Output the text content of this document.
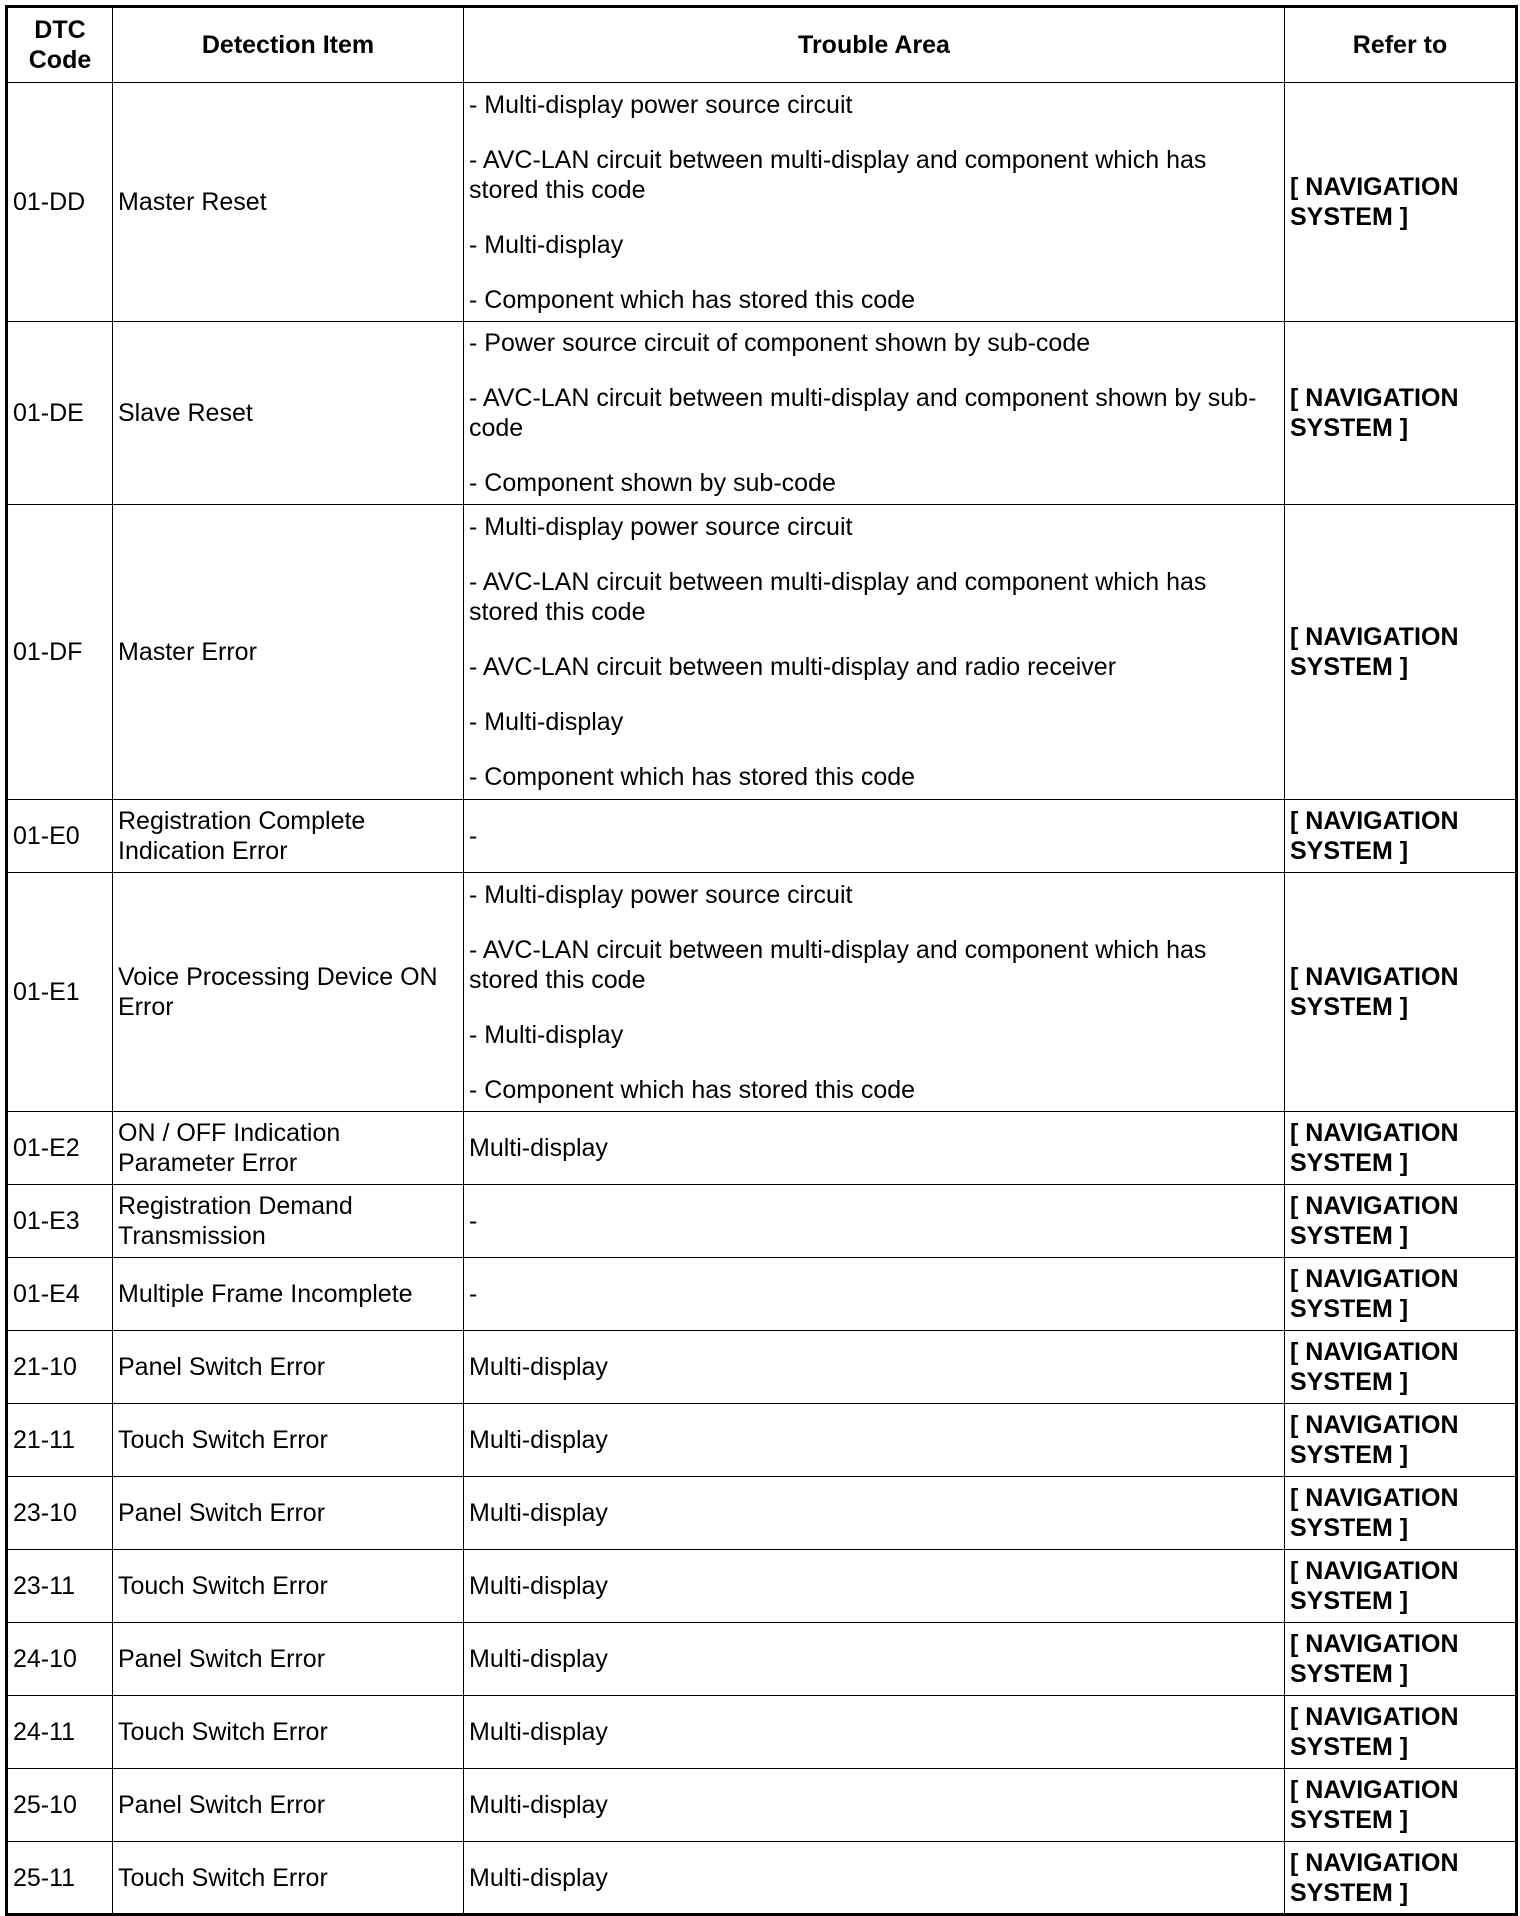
DTC Code	Detection Item	Trouble Area	Refer to
01-DD	Master Reset	- Multi-display power source circuit
- AVC-LAN circuit between multi-display and component which has stored this code
- Multi-display
- Component which has stored this code	[ NAVIGATION SYSTEM ]
01-DE	Slave Reset	- Power source circuit of component shown by sub-code
- AVC-LAN circuit between multi-display and component shown by sub-code
- Component shown by sub-code	[ NAVIGATION SYSTEM ]
01-DF	Master Error	- Multi-display power source circuit
- AVC-LAN circuit between multi-display and component which has stored this code
- AVC-LAN circuit between multi-display and radio receiver
- Multi-display
- Component which has stored this code	[ NAVIGATION SYSTEM ]
01-E0	Registration Complete Indication Error	-	[ NAVIGATION SYSTEM ]
01-E1	Voice Processing Device ON Error	- Multi-display power source circuit
- AVC-LAN circuit between multi-display and component which has stored this code
- Multi-display
- Component which has stored this code	[ NAVIGATION SYSTEM ]
01-E2	ON / OFF Indication Parameter Error	Multi-display	[ NAVIGATION SYSTEM ]
01-E3	Registration Demand Transmission	-	[ NAVIGATION SYSTEM ]
01-E4	Multiple Frame Incomplete	-	[ NAVIGATION SYSTEM ]
21-10	Panel Switch Error	Multi-display	[ NAVIGATION SYSTEM ]
21-11	Touch Switch Error	Multi-display	[ NAVIGATION SYSTEM ]
23-10	Panel Switch Error	Multi-display	[ NAVIGATION SYSTEM ]
23-11	Touch Switch Error	Multi-display	[ NAVIGATION SYSTEM ]
24-10	Panel Switch Error	Multi-display	[ NAVIGATION SYSTEM ]
24-11	Touch Switch Error	Multi-display	[ NAVIGATION SYSTEM ]
25-10	Panel Switch Error	Multi-display	[ NAVIGATION SYSTEM ]
25-11	Touch Switch Error	Multi-display	[ NAVIGATION SYSTEM ]
